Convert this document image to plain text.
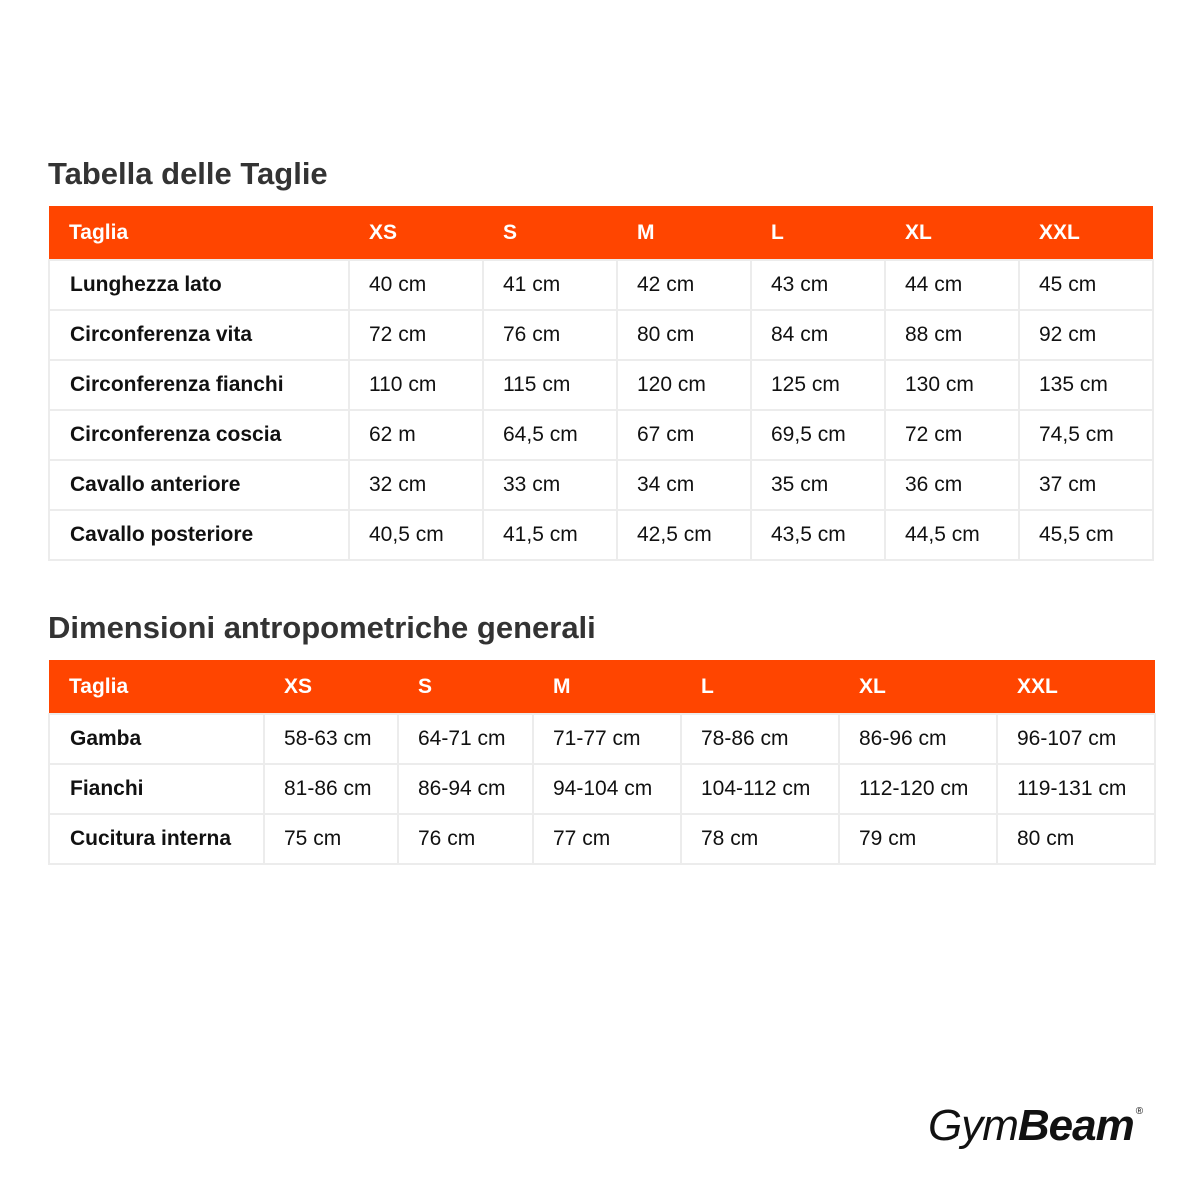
Tabella delle Taglie
Taglia	XS	S	M	L	XL	XXL
Lunghezza lato	40 cm	41 cm	42 cm	43 cm	44 cm	45 cm
Circonferenza vita	72 cm	76 cm	80 cm	84 cm	88 cm	92 cm
Circonferenza fianchi	110 cm	115 cm	120 cm	125 cm	130 cm	135 cm
Circonferenza coscia	62 m	64,5 cm	67 cm	69,5 cm	72 cm	74,5 cm
Cavallo anteriore	32 cm	33 cm	34 cm	35 cm	36 cm	37 cm
Cavallo posteriore	40,5 cm	41,5 cm	42,5 cm	43,5 cm	44,5 cm	45,5 cm
Dimensioni antropometriche generali
Taglia	XS	S	M	L	XL	XXL
Gamba	58-63 cm	64-71 cm	71-77 cm	78-86 cm	86-96 cm	96-107 cm
Fianchi	81-86 cm	86-94 cm	94-104 cm	104-112 cm	112-120 cm	119-131 cm
Cucitura interna	75 cm	76 cm	77 cm	78 cm	79 cm	80 cm
GymBeam ®
